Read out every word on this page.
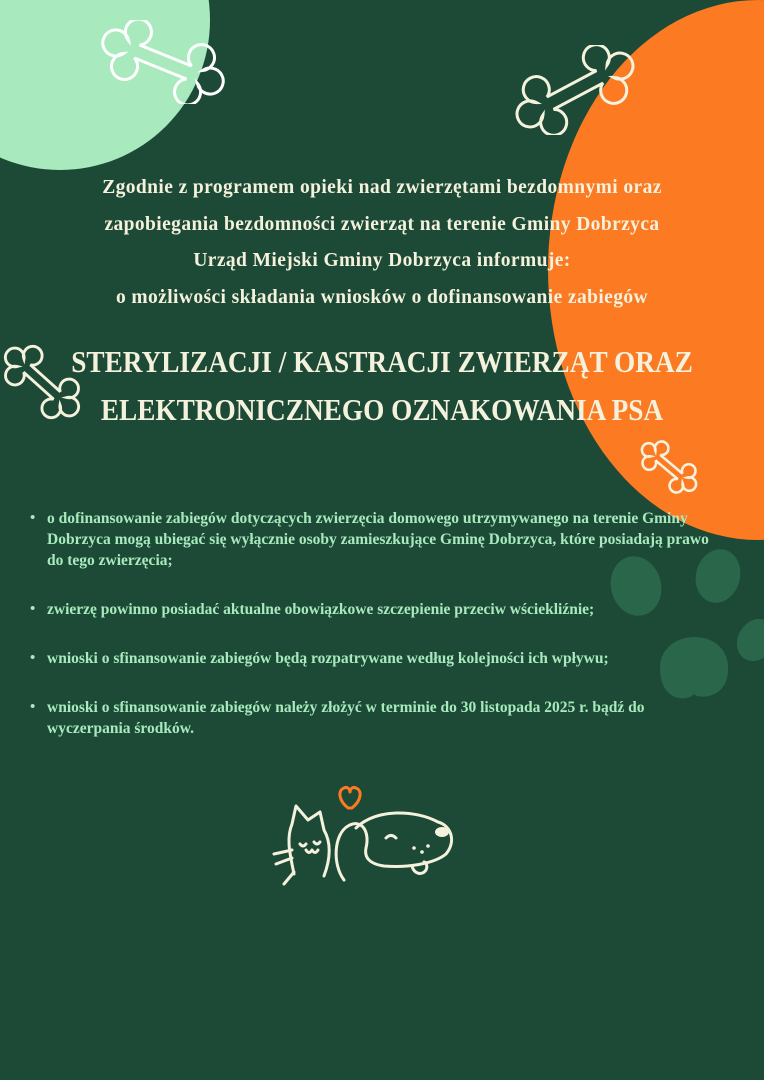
Zgodnie z programem opieki nad zwierzętami bezdomnymi oraz
zapobiegania bezdomności zwierząt na terenie Gminy Dobrzyca
Urząd Miejski Gminy Dobrzyca informuje:
o możliwości składania wniosków o dofinansowanie zabiegów
STERYLIZACJI / KASTRACJI ZWIERZĄT ORAZ
ELEKTRONICZNEGO OZNAKOWANIA PSA
• o dofinansowanie zabiegów dotyczących zwierzęcia domowego utrzymywanego na terenie Gminy Dobrzyca mogą ubiegać się wyłącznie osoby zamieszkujące Gminę Dobrzyca, które posiadają prawo do tego zwierzęcia;
• zwierzę powinno posiadać aktualne obowiązkowe szczepienie przeciw wściekliźnie;
• wnioski o sfinansowanie zabiegów będą rozpatrywane według kolejności ich wpływu;
• wnioski o sfinansowanie zabiegów należy złożyć w terminie do 30 listopada 2025 r. bądź do wyczerpania środków.
